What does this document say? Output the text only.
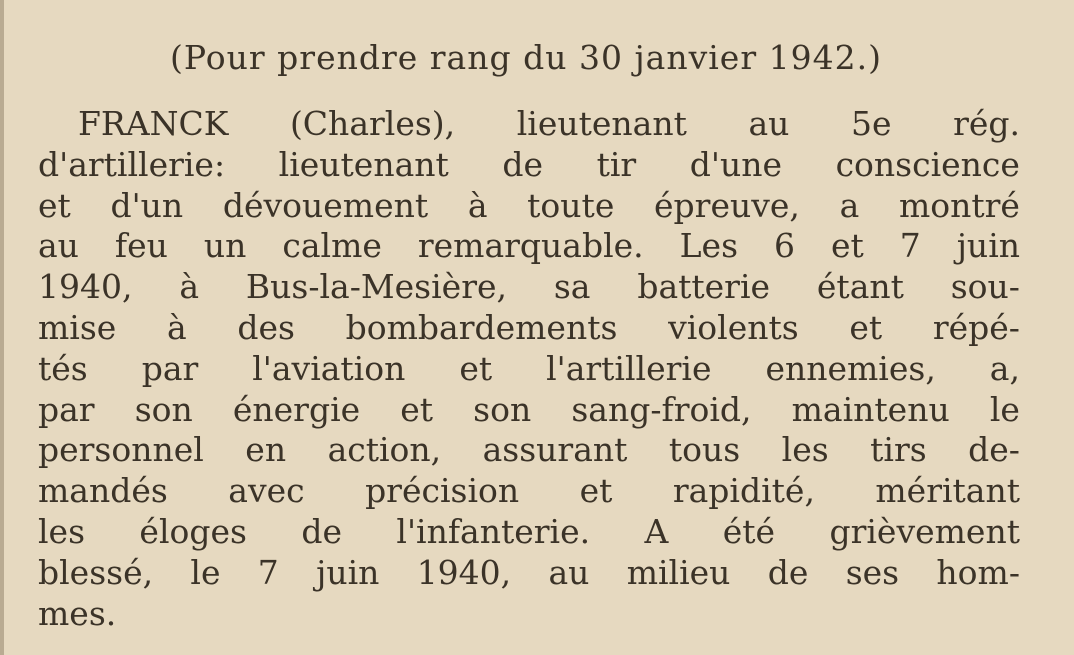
(Pour prendre rang du 30 janvier 1942.)
FRANCK (Charles), lieutenant au 5e rég.
d'artillerie: lieutenant de tir d'une conscience
et d'un dévouement à toute épreuve, a montré
au feu un calme remarquable. Les 6 et 7 juin
1940, à Bus-la-Mesière, sa batterie étant sou-
mise à des bombardements violents et répé-
tés par l'aviation et l'artillerie ennemies, a,
par son énergie et son sang-froid, maintenu le
personnel en action, assurant tous les tirs de-
mandés avec précision et rapidité, méritant
les éloges de l'infanterie. A été grièvement
blessé, le 7 juin 1940, au milieu de ses hom-
mes.
